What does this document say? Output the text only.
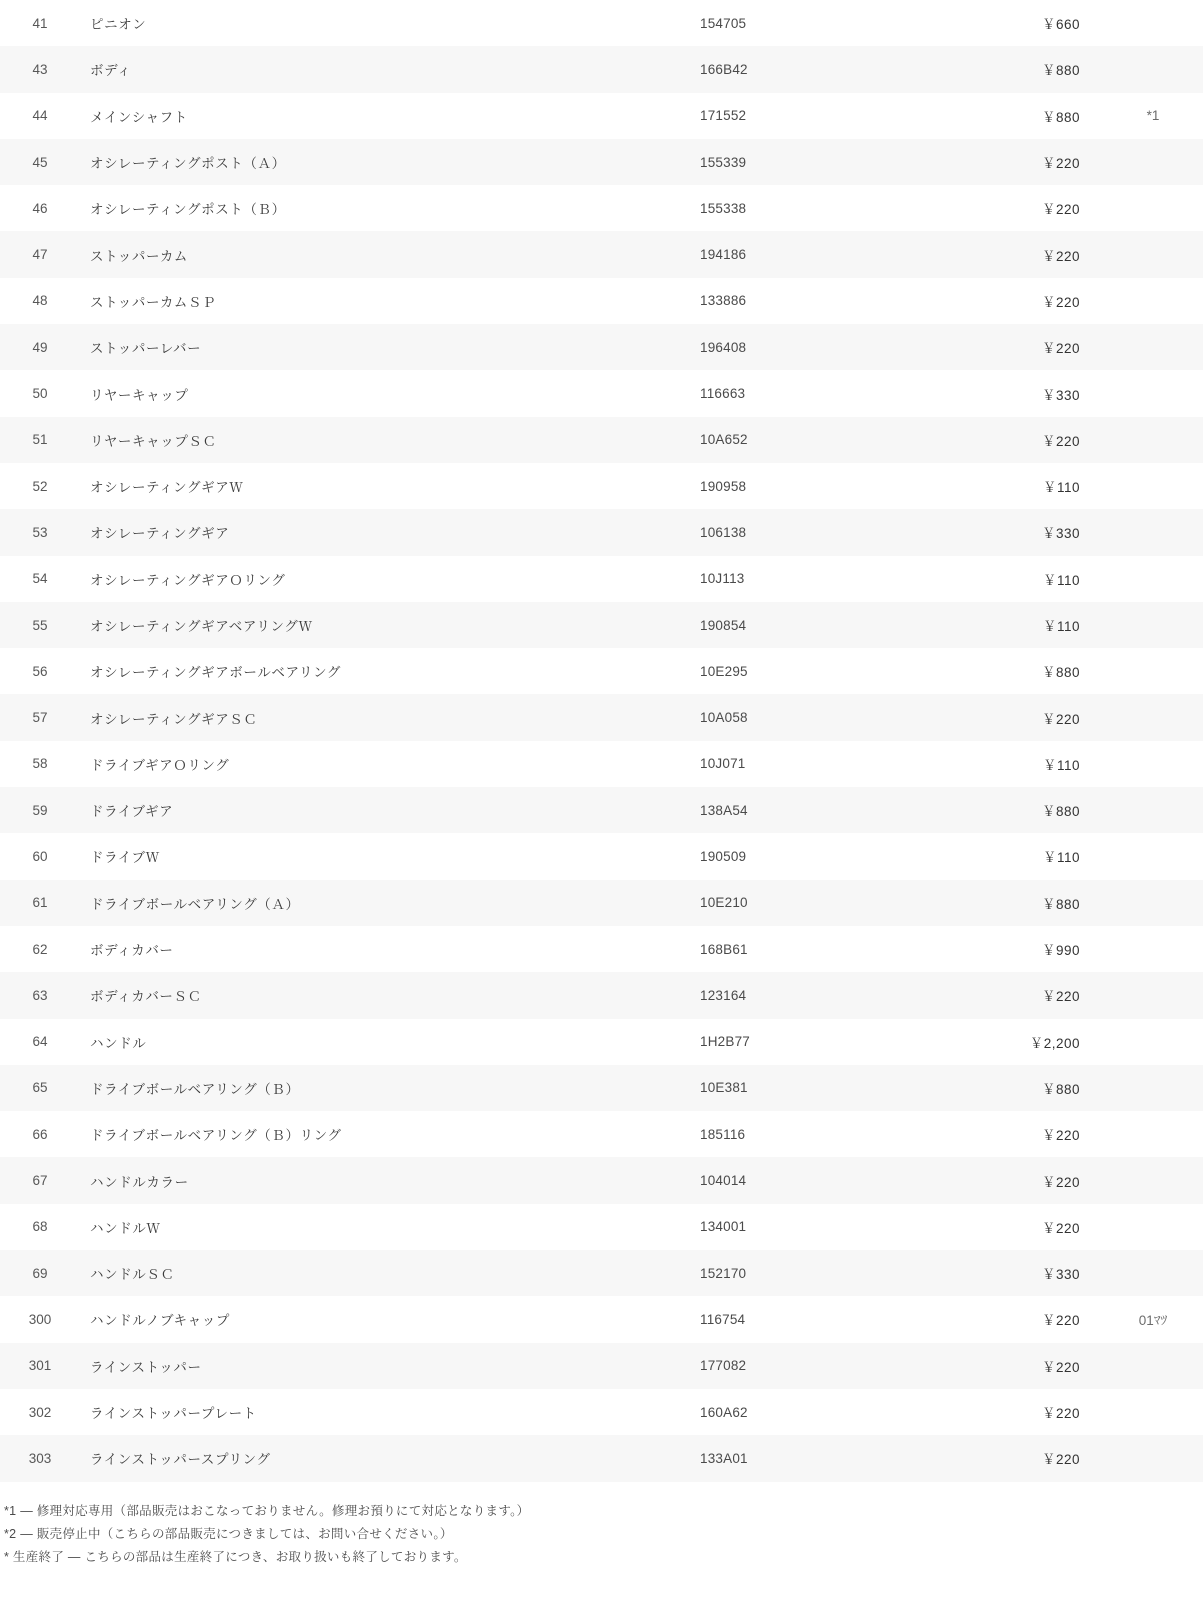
41	ピニオン	154705	￥660	
43	ボディ	166B42	￥880	
44	メインシャフト	171552	￥880	*1
45	オシレーティングポスト（Ａ）	155339	￥220	
46	オシレーティングポスト（Ｂ）	155338	￥220	
47	ストッパーカム	194186	￥220	
48	ストッパーカムＳＰ	133886	￥220	
49	ストッパーレバー	196408	￥220	
50	リヤーキャップ	116663	￥330	
51	リヤーキャップＳＣ	10A652	￥220	
52	オシレーティングギアＷ	190958	￥110	
53	オシレーティングギア	106138	￥330	
54	オシレーティングギアＯリング	10J113	￥110	
55	オシレーティングギアベアリングＷ	190854	￥110	
56	オシレーティングギアボールベアリング	10E295	￥880	
57	オシレーティングギアＳＣ	10A058	￥220	
58	ドライブギアＯリング	10J071	￥110	
59	ドライブギア	138A54	￥880	
60	ドライブＷ	190509	￥110	
61	ドライブボールベアリング（Ａ）	10E210	￥880	
62	ボディカバー	168B61	￥990	
63	ボディカバーＳＣ	123164	￥220	
64	ハンドル	1H2B77	￥2,200	
65	ドライブボールベアリング（Ｂ）	10E381	￥880	
66	ドライブボールベアリング（Ｂ）リング	185116	￥220	
67	ハンドルカラー	104014	￥220	
68	ハンドルＷ	134001	￥220	
69	ハンドルＳＣ	152170	￥330	
300	ハンドルノブキャップ	116754	￥220	01ﾏﾂ
301	ラインストッパー	177082	￥220	
302	ラインストッパープレート	160A62	￥220	
303	ラインストッパースプリング	133A01	￥220	
*1 ― 修理対応専用（部品販売はおこなっておりません。修理お預りにて対応となります。）
*2 ― 販売停止中（こちらの部品販売につきましては、お問い合せください。）
* 生産終了 ― こちらの部品は生産終了につき、お取り扱いも終了しております。
